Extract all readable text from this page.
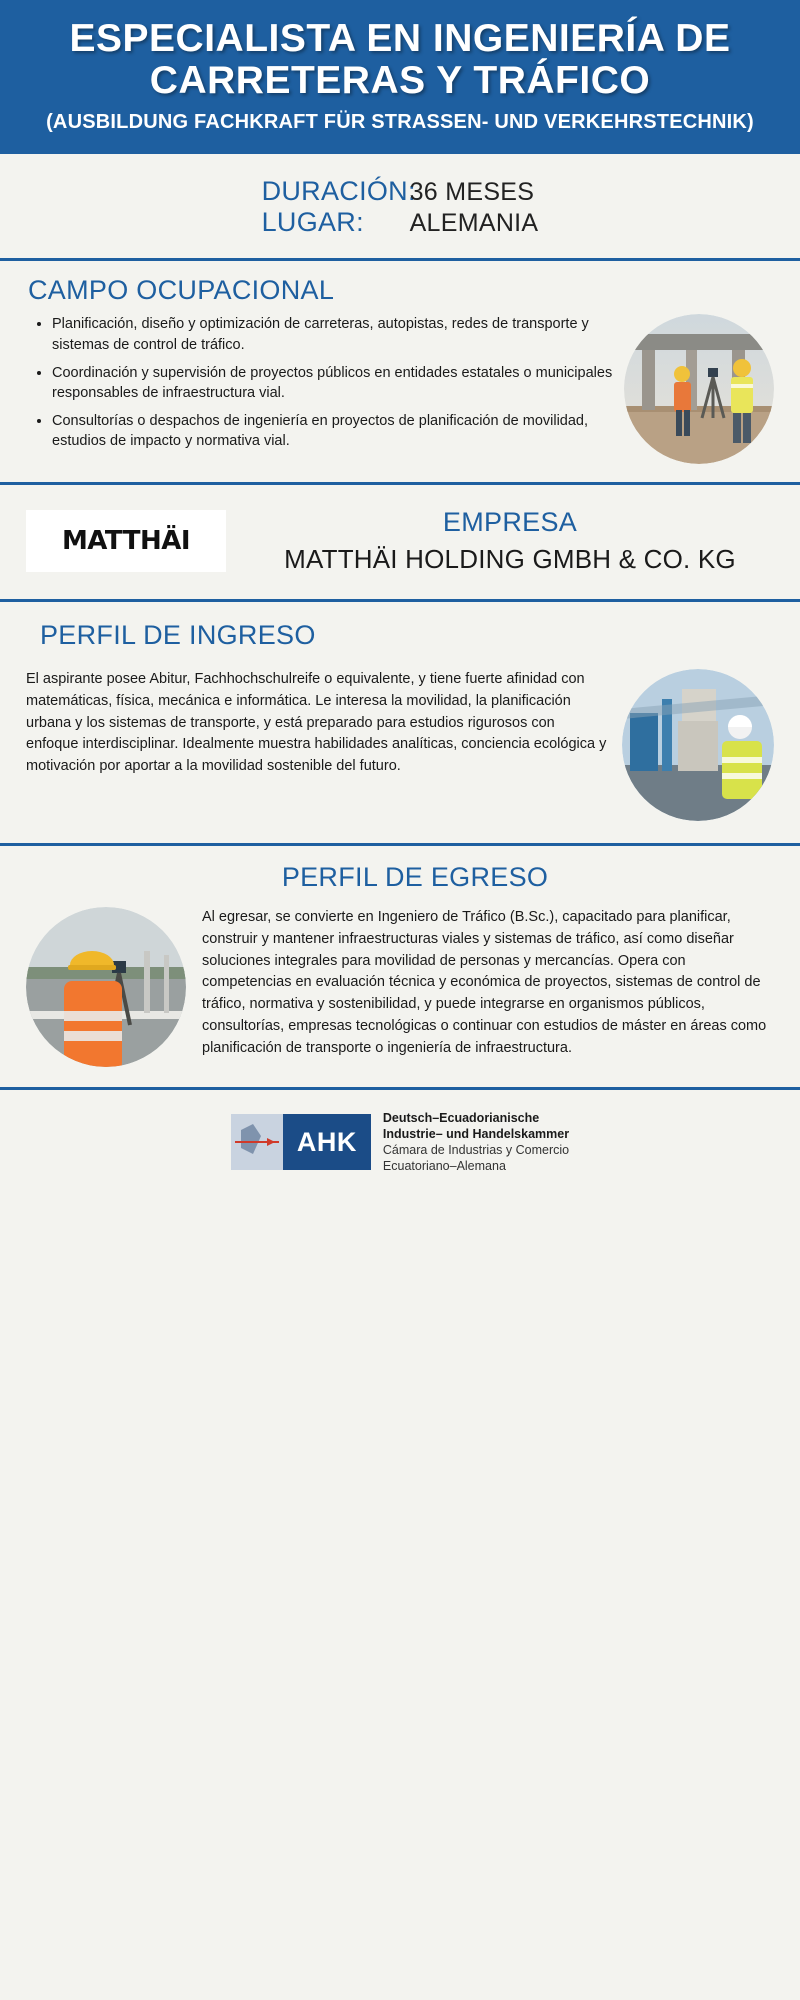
ESPECIALISTA EN INGENIERÍA DE CARRETERAS Y TRÁFICO
(AUSBILDUNG FACHKRAFT FÜR STRASSEN- UND VERKEHRSTECHNIK)
DURACIÓN:
36 MESES
LUGAR:	ALEMANIA
CAMPO OCUPACIONAL
• Planificación, diseño y optimización de carreteras, autopistas, redes de transporte y sistemas de control de tráfico.
• Coordinación y supervisión de proyectos públicos en entidades estatales o municipales responsables de infraestructura vial.
• Consultorías o despachos de ingeniería en proyectos de planificación de movilidad, estudios de impacto y normativa vial.
MATTHÄI
EMPRESA
MATTHÄI HOLDING GMBH & CO. KG
PERFIL DE INGRESO
El aspirante posee Abitur, Fachhochschulreife o equivalente, y tiene fuerte afinidad con matemáticas, física, mecánica e informática. Le interesa la movilidad, la planificación urbana y los sistemas de transporte, y está preparado para estudios rigurosos con enfoque interdisciplinar. Idealmente muestra habilidades analíticas, conciencia ecológica y motivación por aportar a la movilidad sostenible del futuro.
PERFIL DE EGRESO
Al egresar, se convierte en Ingeniero de Tráfico (B.Sc.), capacitado para planificar, construir y mantener infraestructuras viales y sistemas de tráfico, así como diseñar soluciones integrales para movilidad de personas y mercancías. Opera con competencias en evaluación técnica y económica de proyectos, sistemas de control de tráfico, normativa y sostenibilidad, y puede integrarse en organismos públicos, consultorías, empresas tecnológicas o continuar con estudios de máster en áreas como planificación de transporte o ingeniería de infraestructura.
AHK
Deutsch–Ecuadorianische
Industrie– und Handelskammer
Cámara de Industrias y Comercio
Ecuatoriano–Alemana
